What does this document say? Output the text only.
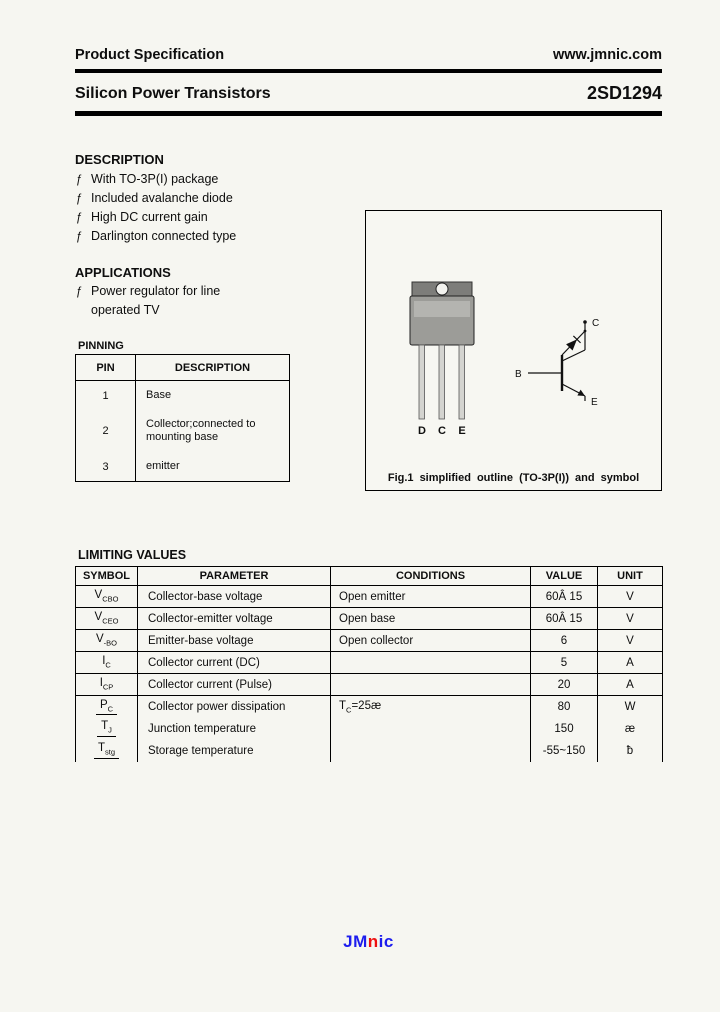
Product Specification	www.jmnic.com
Silicon Power Transistors	2SD1294
DESCRIPTION
ƒ With TO-3P(I) package
ƒ Included avalanche diode
ƒ High DC current gain
ƒ Darlington connected type
APPLICATIONS
ƒ Power regulator for line
operated TV
PINNING
PIN	DESCRIPTION
1	Base
2	Collector;connected to mounting base
3	emitter
D C E
C
B
E
Fig.1 simplified outline (TO-3P(I)) and symbol
LIMITING VALUES
SYMBOL	PARAMETER	CONDITIONS	VALUE	UNIT
$V_{CBO}$	Collector-base voltage	Open emitter	60Â 15	V
$V_{CEO}$	Collector-emitter voltage	Open base	60Â 15	V
$V_{-BO}$	Emitter-base voltage	Open collector	6	V
$I_C$	Collector current (DC)		5	A
$I_{CP}$	Collector current (Pulse)		20	A
$P_C$	Collector power dissipation	$T_C=25æ$	80	W
$T_J$	Junction temperature		150	æ
$T_{stg}$	Storage temperature		-55~150	ƀ
JMnic
